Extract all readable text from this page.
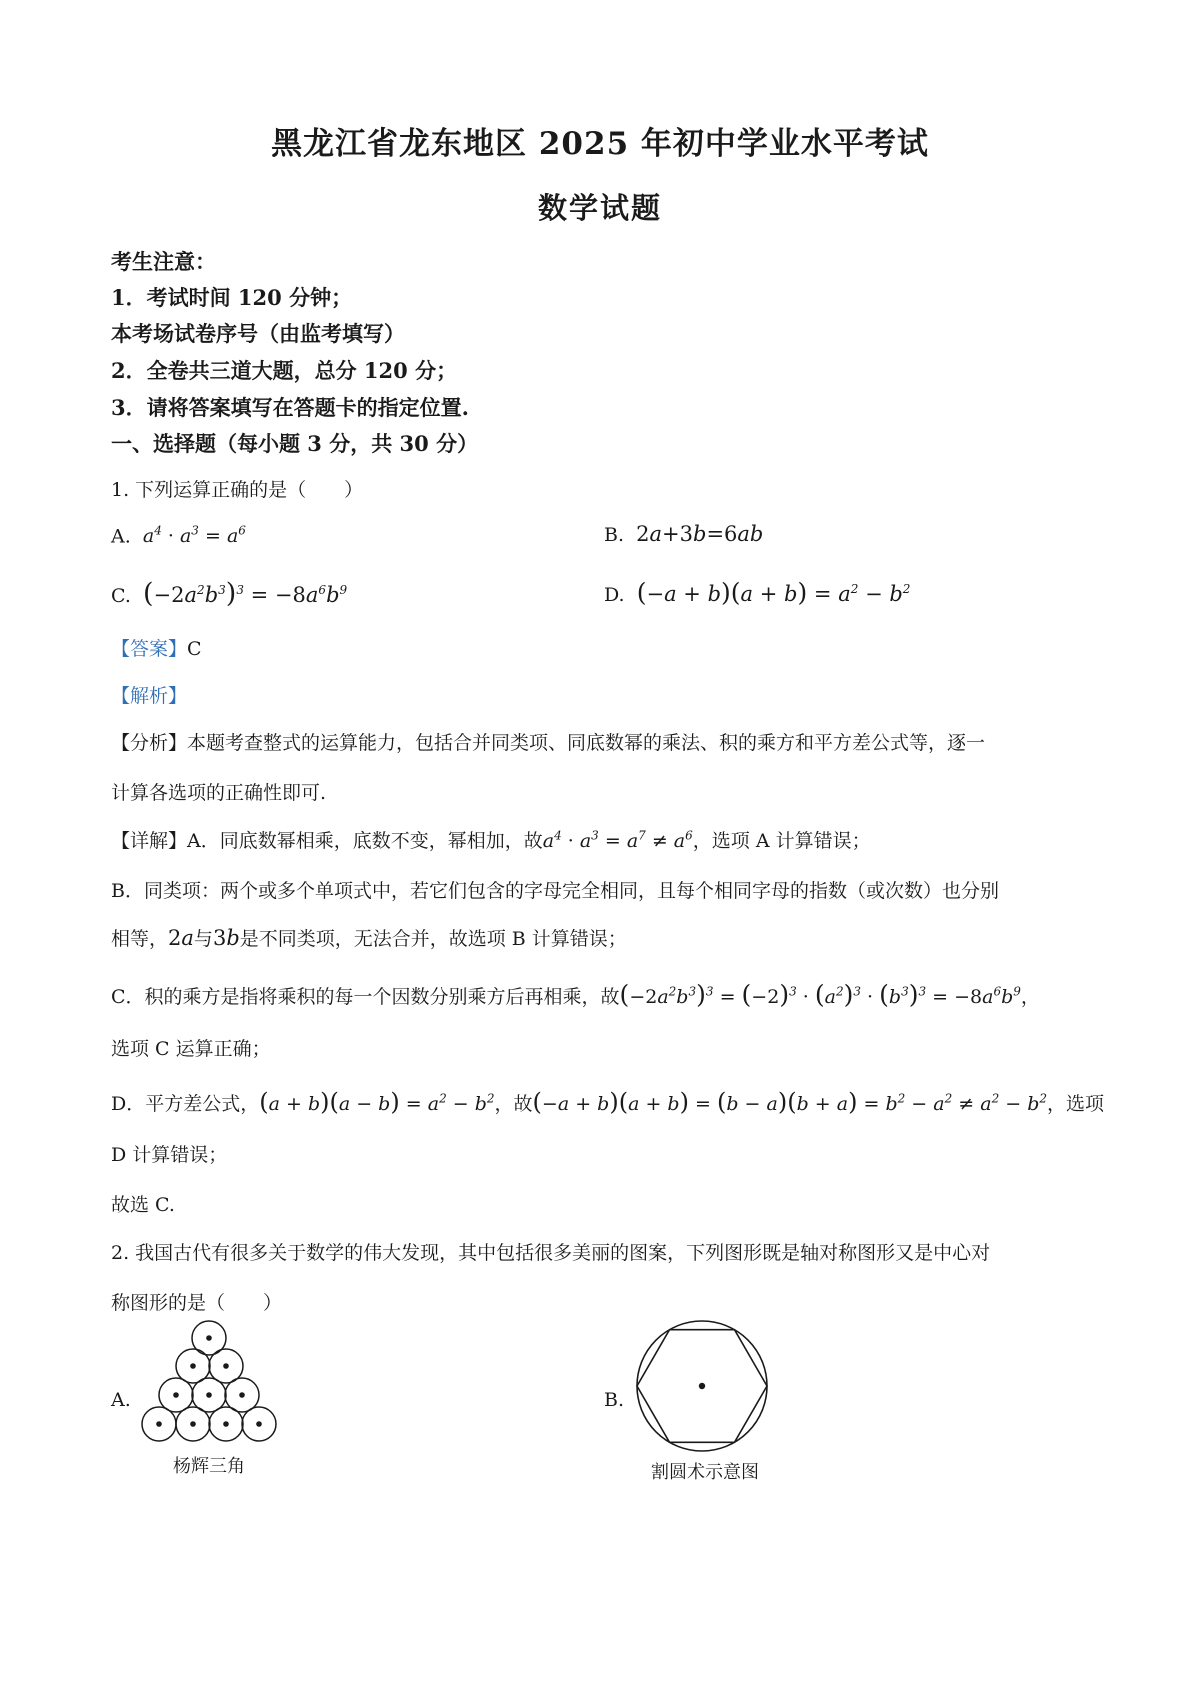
黑龙江省龙东地区 2025 年初中学业水平考试
数学试题
考生注意：
1．考试时间 120 分钟；
本考场试卷序号（由监考填写）
2．全卷共三道大题，总分 120 分；
3．请将答案填写在答题卡的指定位置.
一、选择题（每小题 3 分，共 30 分）
1. 下列运算正确的是（　　）
A. $a^4 \cdot a^3 = a^6$	B. 2a+3b=6ab
C. $(-2a^2b^3)^3 = -8a^6b^9$	D. $(-a + b)(a + b) = a^2 - b^2$
【答案】C
【解析】
【分析】本题考查整式的运算能力，包括合并同类项、同底数幂的乘法、积的乘方和平方差公式等，逐一
计算各选项的正确性即可.
【详解】A．同底数幂相乘，底数不变，幂相加，故$a^4 \cdot a^3 = a^7 \ne a^6$，选项 A 计算错误；
B．同类项：两个或多个单项式中，若它们包含的字母完全相同，且每个相同字母的指数（或次数）也分别
相等，2a与3b是不同类项，无法合并，故选项 B 计算错误；
C．积的乘方是指将乘积的每一个因数分别乘方后再相乘，故$(-2a^2b^3)^3 = (-2)^3 \cdot (a^2)^3 \cdot (b^3)^3 = -8a^6b^9$，
选项 C 运算正确；
D．平方差公式，$(a + b)(a - b) = a^2 - b^2$，故$(-a + b)(a + b) = (b - a)(b + a) = b^2 - a^2 \ne a^2 - b^2$，选项
D 计算错误；
故选 C.
2. 我国古代有很多关于数学的伟大发现，其中包括很多美丽的图案，下列图形既是轴对称图形又是中心对
称图形的是（　　）
A.
杨辉三角
B.
割圆术示意图
